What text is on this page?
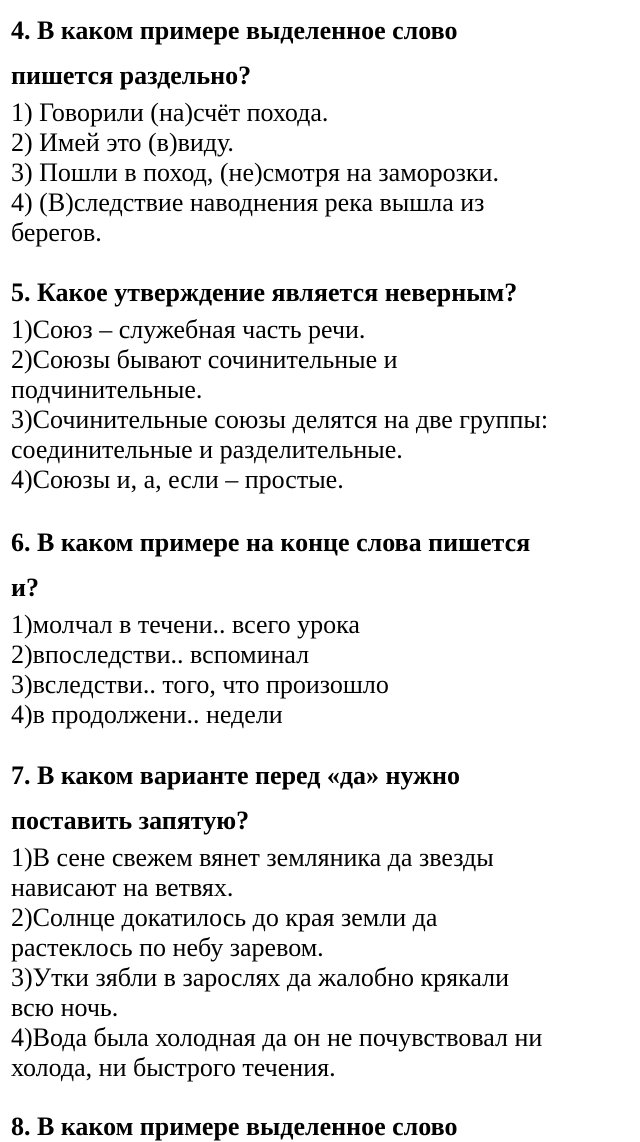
4. В каком примере выделенное слово
пишется раздельно?
1) Говорили (на)счёт похода.
2) Имей это (в)виду.
3) Пошли в поход, (не)смотря на заморозки.
4) (В)следствие наводнения река вышла из
берегов.
5. Какое утверждение является неверным?
1)Союз – служебная часть речи.
2)Союзы бывают сочинительные и
подчинительные.
3)Сочинительные союзы делятся на две группы:
соединительные и разделительные.
4)Союзы и, а, если – простые.
6. В каком примере на конце слова пишется
и?
1)молчал в течени.. всего урока
2)впоследстви.. вспоминал
3)вследстви.. того, что произошло
4)в продолжени.. недели
7. В каком варианте перед «да» нужно
поставить запятую?
1)В сене свежем вянет земляника да звезды
нависают на ветвях.
2)Солнце докатилось до края земли да
растеклось по небу заревом.
3)Утки зябли в зарослях да жалобно крякали
всю ночь.
4)Вода была холодная да он не почувствовал ни
холода, ни быстрого течения.
8. В каком примере выделенное слово
